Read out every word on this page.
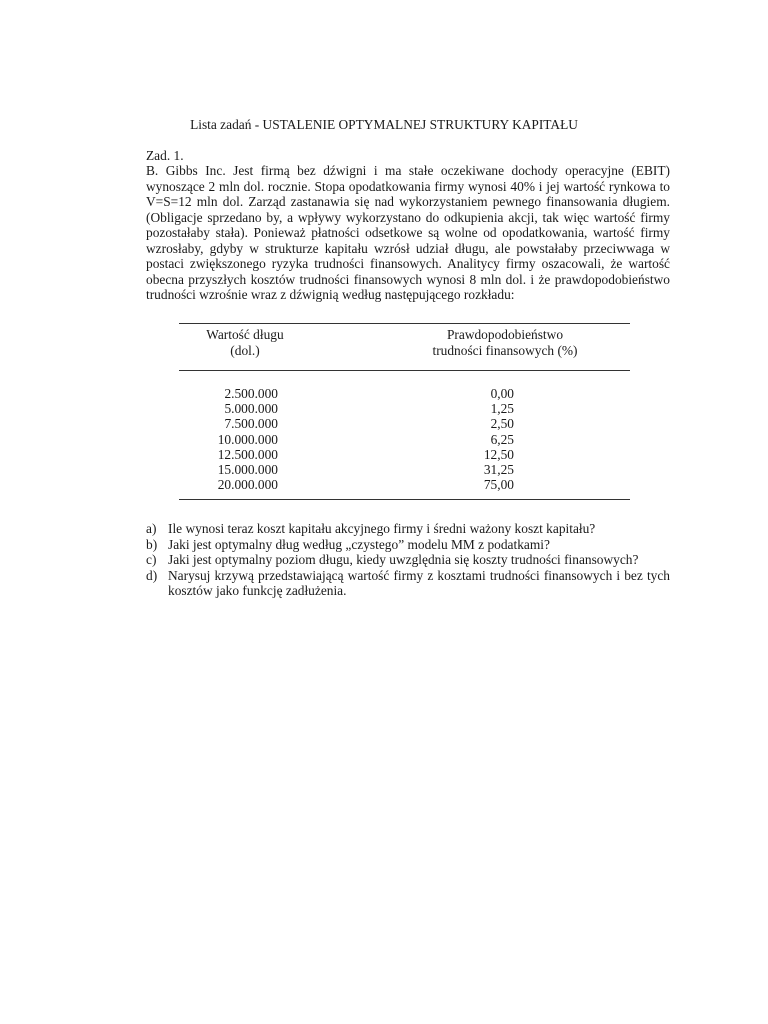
Lista zadań - USTALENIE OPTYMALNEJ STRUKTURY KAPITAŁU
Zad. 1.
B. Gibbs Inc. Jest firmą bez dźwigni i ma stałe oczekiwane dochody operacyjne (EBIT) wynoszące 2 mln dol. rocznie. Stopa opodatkowania firmy wynosi 40% i jej wartość rynkowa to V=S=12 mln dol. Zarząd zastanawia się nad wykorzystaniem pewnego finansowania długiem. (Obligacje sprzedano by, a wpływy wykorzystano do odkupienia akcji, tak więc wartość firmy pozostałaby stała). Ponieważ płatności odsetkowe są wolne od opodatkowania, wartość firmy wzrosłaby, gdyby w strukturze kapitału wzrósł udział długu, ale powstałaby przeciwwaga w postaci zwiększonego ryzyka trudności finansowych. Analitycy firmy oszacowali, że wartość obecna przyszłych kosztów trudności finansowych wynosi 8 mln dol. i że prawdopodobieństwo trudności wzrośnie wraz z dźwignią według następującego rozkładu:
Wartość długu
(dol.)
Prawdopodobieństwo
trudności finansowych (%)
2.500.000	0,00
5.000.000	1,25
7.500.000	2,50
10.000.000	6,25
12.500.000	12,50
15.000.000	31,25
20.000.000	75,00
a) Ile wynosi teraz koszt kapitału akcyjnego firmy i średni ważony koszt kapitału?
b) Jaki jest optymalny dług według „czystego” modelu MM z podatkami?
c) Jaki jest optymalny poziom długu, kiedy uwzględnia się koszty trudności finansowych?
d) Narysuj krzywą przedstawiającą wartość firmy z kosztami trudności finansowych i bez tych kosztów jako funkcję zadłużenia.
